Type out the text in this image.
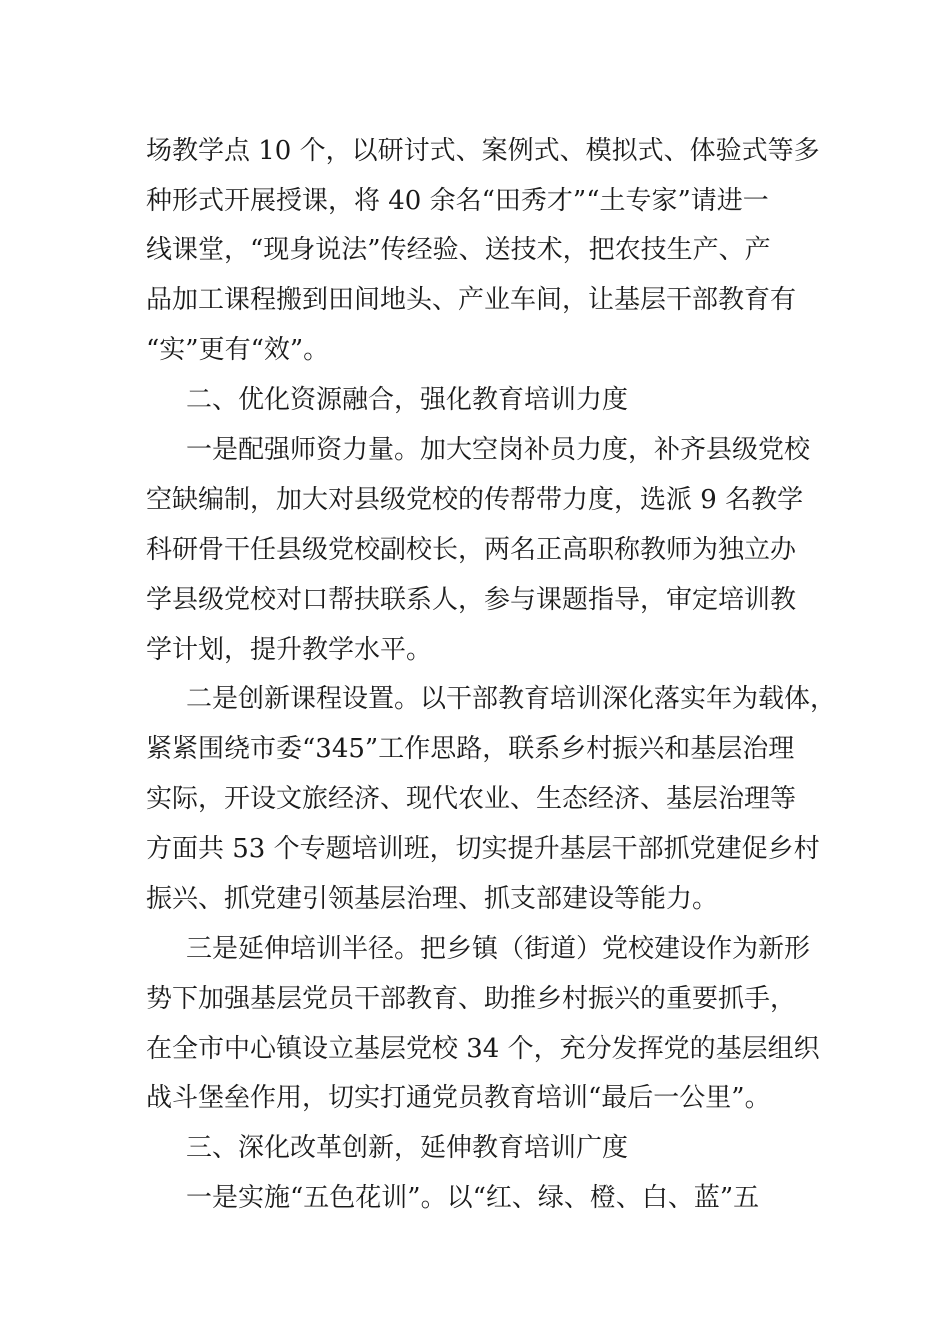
场教学点 10 个，以研讨式、案例式、模拟式、体验式等多
种形式开展授课，将 40 余名“田秀才”“土专家”请进一
线课堂，“现身说法”传经验、送技术，把农技生产、产
品加工课程搬到田间地头、产业车间，让基层干部教育有
“实”更有“效”。
二、优化资源融合，强化教育培训力度
一是配强师资力量。加大空岗补员力度，补齐县级党校
空缺编制，加大对县级党校的传帮带力度，选派 9 名教学
科研骨干任县级党校副校长，两名正高职称教师为独立办
学县级党校对口帮扶联系人，参与课题指导，审定培训教
学计划，提升教学水平。
二是创新课程设置。以干部教育培训深化落实年为载体，
紧紧围绕市委“345”工作思路，联系乡村振兴和基层治理
实际，开设文旅经济、现代农业、生态经济、基层治理等
方面共 53 个专题培训班，切实提升基层干部抓党建促乡村
振兴、抓党建引领基层治理、抓支部建设等能力。
三是延伸培训半径。把乡镇（街道）党校建设作为新形
势下加强基层党员干部教育、助推乡村振兴的重要抓手，
在全市中心镇设立基层党校 34 个，充分发挥党的基层组织
战斗堡垒作用，切实打通党员教育培训“最后一公里”。
三、深化改革创新，延伸教育培训广度
一是实施“五色花训”。以“红、绿、橙、白、蓝”五
